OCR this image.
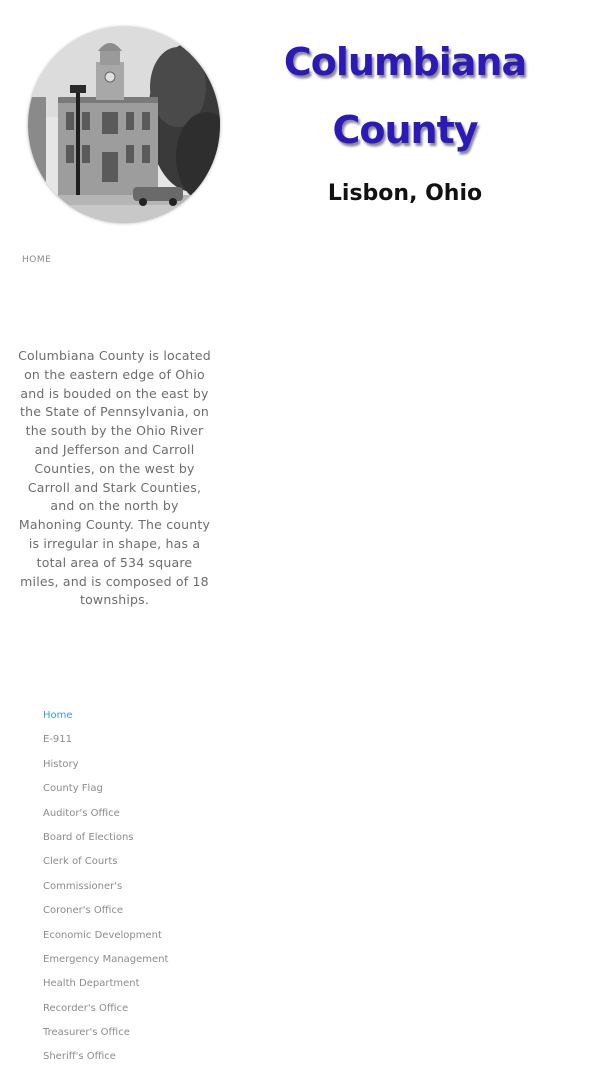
Columbiana
County
Lisbon, Ohio
HOME
Columbiana County is located on the eastern edge of Ohio and is bouded on the east by the State of Pennsylvania, on the south by the Ohio River and Jefferson and Carroll Counties, on the west by Carroll and Stark Counties, and on the north by Mahoning County. The county is irregular in shape, has a total area of 534 square miles, and is composed of 18 townships.
Home
E-911
History
County Flag
Auditor's Office
Board of Elections
Clerk of Courts
Commissioner's
Coroner's Office
Economic Development
Emergency Management
Health Department
Recorder's Office
Treasurer's Office
Sheriff's Office
